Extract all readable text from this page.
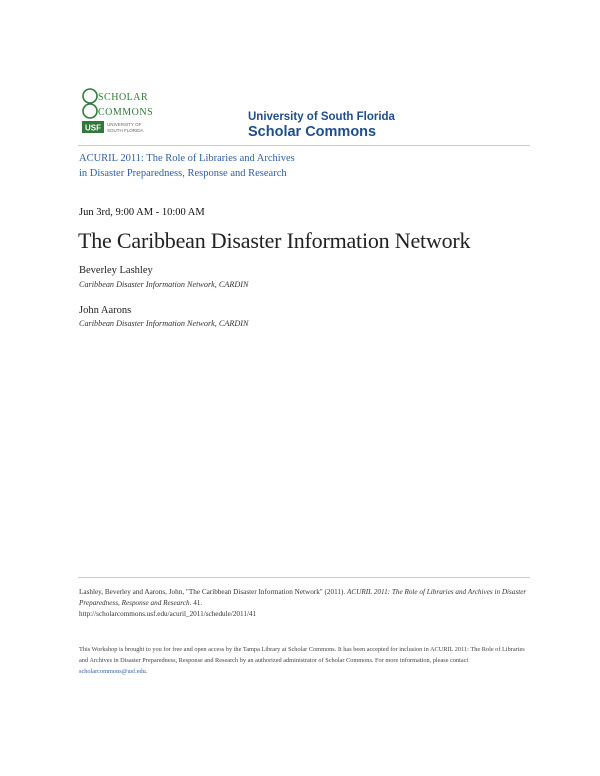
SCHOLAR
COMMONS
USF UNIVERSITY OF
SOUTH FLORIDA
University of South Florida
Scholar Commons
ACURIL 2011: The Role of Libraries and Archives
in Disaster Preparedness, Response and Research
Jun 3rd, 9:00 AM - 10:00 AM
The Caribbean Disaster Information Network
Beverley Lashley
Caribbean Disaster Information Network, CARDIN
John Aarons
Caribbean Disaster Information Network, CARDIN
Lashley, Beverley and Aarons, John, "The Caribbean Disaster Information Network" (2011). ACURIL 2011: The Role of Libraries and Archives in Disaster Preparedness, Response and Research. 41.
http://scholarcommons.usf.edu/acuril_2011/schedule/2011/41
This Workshop is brought to you for free and open access by the Tampa Library at Scholar Commons. It has been accepted for inclusion in ACURIL 2011: The Role of Libraries and Archives in Disaster Preparedness, Response and Research by an authorized administrator of Scholar Commons. For more information, please contact scholarcommons@usf.edu.
